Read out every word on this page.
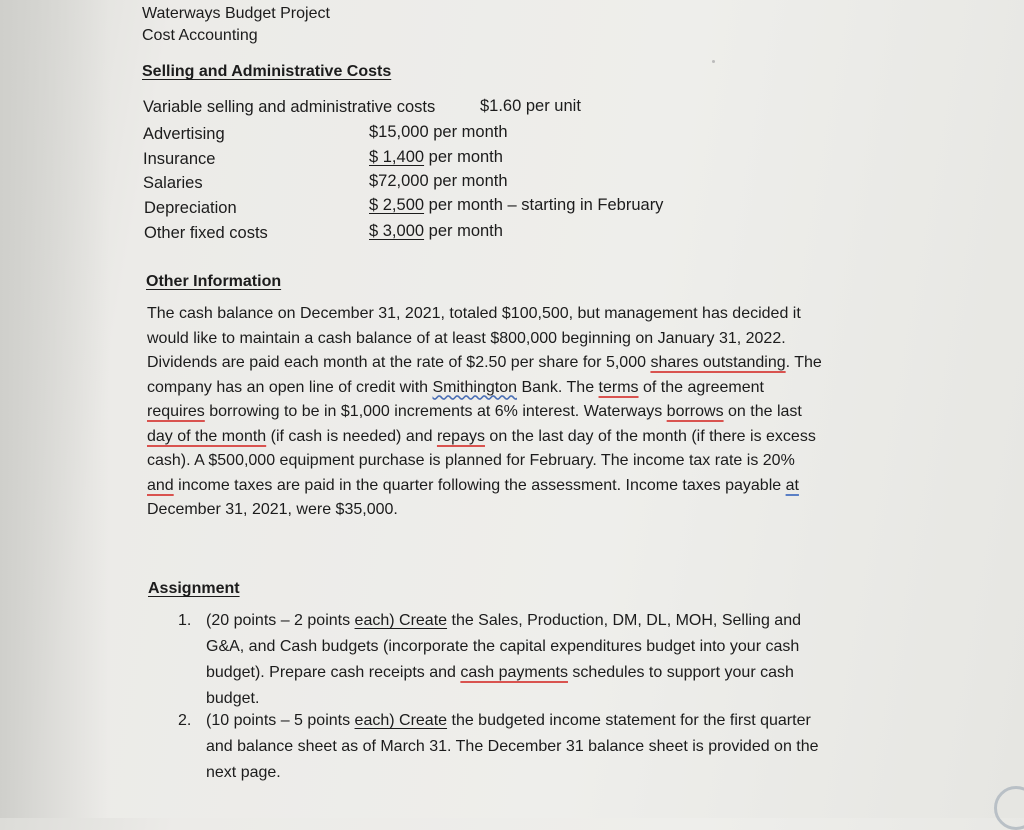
Waterways Budget Project
Cost Accounting
Selling and Administrative Costs
Variable selling and administrative costs	$1.60 per unit
Advertising	$15,000 per month
Insurance	$ 1,400 per month
Salaries	$72,000 per month
Depreciation	$ 2,500 per month – starting in February
Other fixed costs	$ 3,000 per month
Other Information
The cash balance on December 31, 2021, totaled $100,500, but management has decided it
would like to maintain a cash balance of at least $800,000 beginning on January 31, 2022.
Dividends are paid each month at the rate of $2.50 per share for 5,000 shares outstanding. The
company has an open line of credit with Smithington Bank. The terms of the agreement
requires borrowing to be in $1,000 increments at 6% interest. Waterways borrows on the last
day of the month (if cash is needed) and repays on the last day of the month (if there is excess
cash). A $500,000 equipment purchase is planned for February. The income tax rate is 20%
and income taxes are paid in the quarter following the assessment. Income taxes payable at
December 31, 2021, were $35,000.
Assignment
1. (20 points – 2 points each) Create the Sales, Production, DM, DL, MOH, Selling and
G&A, and Cash budgets (incorporate the capital expenditures budget into your cash
budget). Prepare cash receipts and cash payments schedules to support your cash
budget.
2. (10 points – 5 points each) Create the budgeted income statement for the first quarter
and balance sheet as of March 31. The December 31 balance sheet is provided on the
next page.
